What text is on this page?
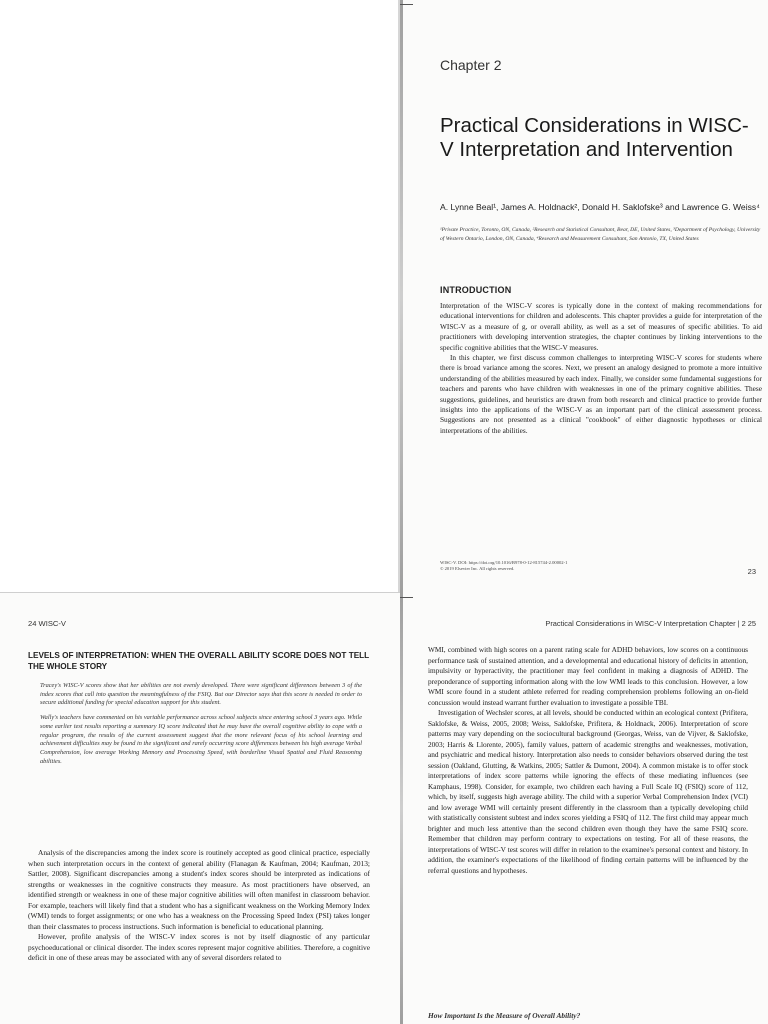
Chapter 2
Practical Considerations in WISC-V Interpretation and Intervention
A. Lynne Beal¹, James A. Holdnack², Donald H. Saklofske³ and Lawrence G. Weiss⁴
¹Private Practice, Toronto, ON, Canada, ²Research and Statistical Consultant, Bear, DE, United States, ³Department of Psychology, University of Western Ontario, London, ON, Canada, ⁴Research and Measurement Consultant, San Antonio, TX, United States
INTRODUCTION

Interpretation of the WISC-V scores is typically done in the context of making recommendations for educational interventions for children and adolescents. This chapter provides a guide for interpretation of the WISC-V as a measure of g, or overall ability, as well as a set of measures of specific abilities. To aid practitioners with developing intervention strategies, the chapter continues by linking interventions to the specific cognitive abilities that the WISC-V measures.

In this chapter, we first discuss common challenges to interpreting WISC-V scores for students where there is broad variance among the scores. Next, we present an analogy designed to promote a more intuitive understanding of the abilities measured by each index. Finally, we consider some fundamental suggestions for teachers and parents who have children with weaknesses in one of the primary cognitive abilities. These suggestions, guidelines, and heuristics are drawn from both research and clinical practice to provide further insights into the applications of the WISC-V as an important part of the clinical assessment process. Suggestions are not presented as a clinical "cookbook" of either diagnostic hypotheses or clinical interpretations of the abilities.

WISC-V. DOI: https://doi.org/10.1016/B978-0-12-815744-2.00002-1
© 2019 Elsevier Inc. All rights reserved.	23
24 WISC-V
LEVELS OF INTERPRETATION: WHEN THE OVERALL ABILITY SCORE DOES NOT TELL THE WHOLE STORY

Tracey's WISC-V scores show that her abilities are not evenly developed. There were significant differences between 3 of the index scores that call into question the meaningfulness of the FSIQ. But our Director says that this score is needed in order to secure additional funding for special education support for this student.

Wally's teachers have commented on his variable performance across school subjects since entering school 3 years ago. While some earlier test results reporting a summary IQ score indicated that he may have the overall cognitive ability to cope with a regular program, the results of the current assessment suggest that the more relevant focus of his school learning and achievement difficulties may be found in the significant and rarely occurring score differences between his high average Verbal Comprehension, low average Working Memory and Processing Speed, with borderline Visual Spatial and Fluid Reasoning abilities.

Analysis of the discrepancies among the index score is routinely accepted as good clinical practice, especially when such interpretation occurs in the context of general ability (Flanagan & Kaufman, 2004; Kaufman, 2013; Sattler, 2008). Significant discrepancies among a student's index scores should be interpreted as indications of strengths or weaknesses in the cognitive constructs they measure. As most practitioners have observed, an identified strength or weakness in one of these major cognitive abilities will often manifest in classroom behavior. For example, teachers will likely find that a student who has a significant weakness on the Working Memory Index (WMI) tends to forget assignments; or one who has a weakness on the Processing Speed Index (PSI) takes longer than their classmates to process instructions. Such information is beneficial to educational planning.

However, profile analysis of the WISC-V index scores is not by itself diagnostic of any particular psychoeducational or clinical disorder. The index scores represent major cognitive abilities. Therefore, a cognitive deficit in one of these areas may be associated with any of several disorders related to

Practical Considerations in WISC-V Interpretation Chapter | 2 25

WMI, combined with high scores on a parent rating scale for ADHD behaviors, low scores on a continuous performance task of sustained attention, and a developmental and educational history of deficits in attention, impulsivity or hyperactivity, the practitioner may feel confident in making a diagnosis of ADHD. The preponderance of supporting information along with the low WMI leads to this conclusion. However, a low WMI score found in a student athlete referred for reading comprehension problems following an on-field concussion would instead warrant further evaluation to investigate a possible TBI.

Investigation of Wechsler scores, at all levels, should be conducted within an ecological context (Prifitera, Saklofske, & Weiss, 2005, 2008; Weiss, Saklofske, Prifitera, & Holdnack, 2006). Interpretation of score patterns may vary depending on the sociocultural background (Georgas, Weiss, van de Vijver, & Saklofske, 2003; Harris & Llorente, 2005), family values, pattern of academic strengths and weaknesses, motivation, and psychiatric and medical history. Interpretation also needs to consider behaviors observed during the test session (Oakland, Glutting, & Watkins, 2005; Sattler & Dumont, 2004). A common mistake is to offer stock interpretations of index score patterns while ignoring the effects of these mediating influences (see Kamphaus, 1998). Consider, for example, two children each having a Full Scale IQ (FSIQ) score of 112, which, by itself, suggests high average ability. The child with a superior Verbal Comprehension Index (VCI) and low average WMI will certainly present differently in the classroom than a typically developing child with statistically consistent subtest and index scores yielding a FSIQ of 112. The first child may appear much brighter and much less attentive than the second children even though they have the same FSIQ score. Remember that children may perform contrary to expectations on testing. For all of these reasons, the interpretations of WISC-V test scores will differ in relation to the examinee's personal context and history. In addition, the examiner's expectations of the likelihood of finding certain patterns will be influenced by the referral questions and hypotheses.

How Important Is the Measure of Overall Ability?
